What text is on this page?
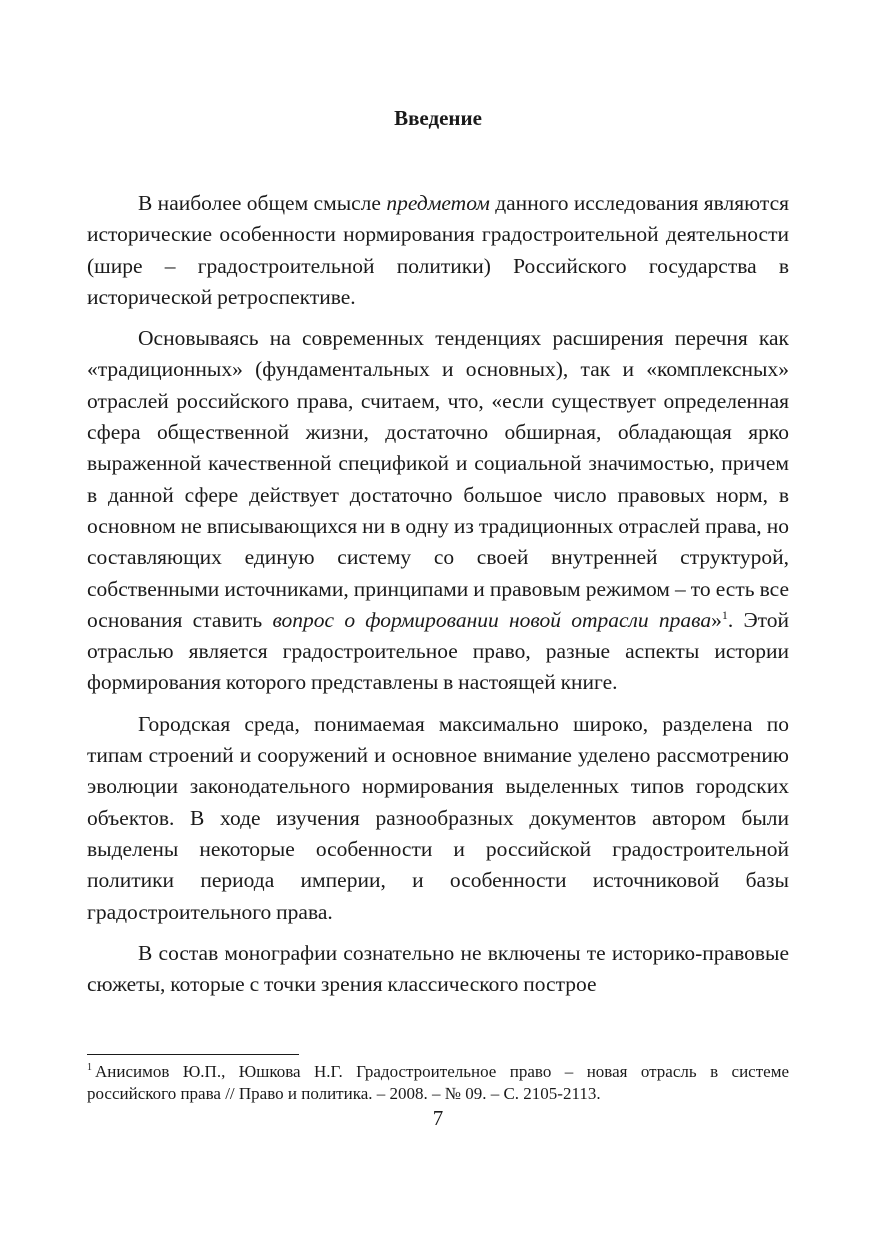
Введение

В наиболее общем смысле предметом данного исследования являются исторические особенности нормирования градостроительной деятельности (шире – градостроительной политики) Российского государства в исторической ретроспективе.

Основываясь на современных тенденциях расширения перечня как «традиционных» (фундаментальных и основных), так и «комплексных» отраслей российского права, считаем, что, «если существует определенная сфера общественной жизни, достаточно обширная, обладающая ярко выраженной качественной спецификой и социальной значимостью, причем в данной сфере действует достаточно большое число правовых норм, в основном не вписывающихся ни в одну из традиционных отраслей права, но составляющих единую систему со своей внутренней структурой, собственными источниками, принципами и правовым режимом – то есть все основания ставить вопрос о формировании новой отрасли права»$^1$. Этой отраслью является градостроительное право, разные аспекты истории формирования которого представлены в настоящей книге.

Городская среда, понимаемая максимально широко, разделена по типам строений и сооружений и основное внимание уделено рассмотрению эволюции законодательного нормирования выделенных типов городских объектов. В ходе изучения разнообразных документов автором были выделены некоторые особенности и российской градостроительной политики периода империи, и особенности источниковой базы градостроительного права.

В состав монографии сознательно не включены те историко-правовые сюжеты, которые с точки зрения классического построе

$^1$ Анисимов Ю.П., Юшкова Н.Г. Градостроительное право – новая отрасль в системе российского права // Право и политика. – 2008. – № 09. – С. 2105-2113.

7
